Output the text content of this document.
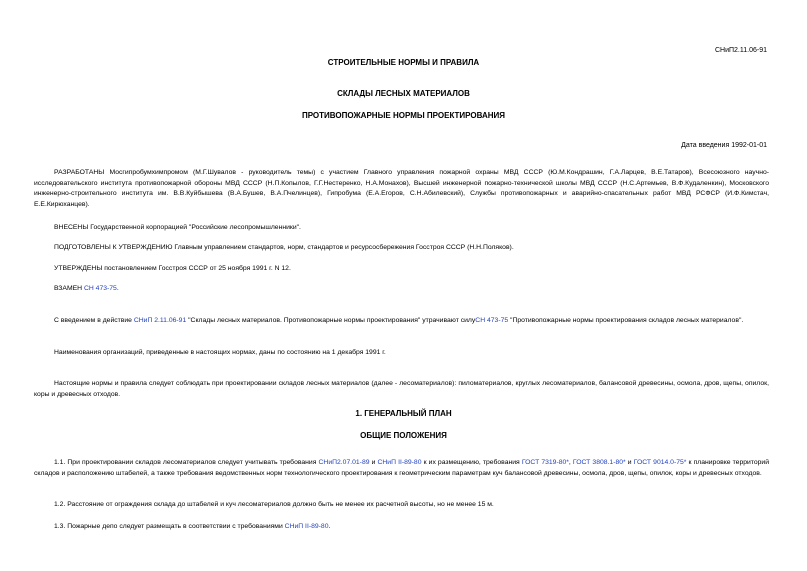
СНиП2.11.06-91
СТРОИТЕЛЬНЫЕ НОРМЫ И ПРАВИЛА
СКЛАДЫ ЛЕСНЫХ МАТЕРИАЛОВ
ПРОТИВОПОЖАРНЫЕ НОРМЫ ПРОЕКТИРОВАНИЯ
Дата введения 1992-01-01
РАЗРАБОТАНЫ Мосгипробумхимпромом (М.Г.Шувалов - руководитель темы) с участием Главного управления пожарной охраны МВД СССР (Ю.М.Кондрашин, Г.А.Ларцев, В.Е.Татаров), Всесоюзного научно-исследовательского института противопожарной обороны МВД СССР (Н.П.Копылов, Г.Г.Нестеренко, Н.А.Монахов), Высшей инженерной пожарно-технической школы МВД СССР (Н.С.Артемьев, В.Ф.Кудаленкин), Московского инженерно-строительного института им. В.В.Куйбышева (В.А.Бушев, В.А.Пчелинцев), Гипробума (Е.А.Егоров, С.Н.Абилевский), Службы противопожарных и аварийно-спасательных работ МВД РСФСР (И.Ф.Кимстач, Е.Е.Кирюханцев).
ВНЕСЕНЫ Государственной корпорацией "Российские лесопромышленники".
ПОДГОТОВЛЕНЫ К УТВЕРЖДЕНИЮ Главным управлением стандартов, норм, стандартов и ресурсосбережения Госстроя СССР (Н.Н.Поляков).
УТВЕРЖДЕНЫ постановлением Госстроя СССР от 25 ноября 1991 г. N 12.
ВЗАМЕН СН 473-75.
С введением в действие СНиП 2.11.06-91 "Склады лесных материалов. Противопожарные нормы проектирования" утрачивают силуСН 473-75 "Противопожарные нормы проектирования складов лесных материалов".
Наименования организаций, приведенные в настоящих нормах, даны по состоянию на 1 декабря 1991 г.
Настоящие нормы и правила следует соблюдать при проектировании складов лесных материалов (далее - лесоматериалов): пиломатериалов, круглых лесоматериалов, балансовой древесины, осмола, дров, щепы, опилок, коры и древесных отходов.
1. ГЕНЕРАЛЬНЫЙ ПЛАН
ОБЩИЕ ПОЛОЖЕНИЯ
1.1. При проектировании складов лесоматериалов следует учитывать требования СНиП2.07.01-89 и СНиП II-89-80 к их размещению, требования ГОСТ 7319-80*, ГОСТ 3808.1-80* и ГОСТ 9014.0-75* к планировке территорий складов и расположению штабелей, а также требования ведомственных норм технологического проектирования к геометрическим параметрам куч балансовой древесины, осмола, дров, щепы, опилок, коры и древесных отходов.
1.2. Расстояние от ограждения склада до штабелей и куч лесоматериалов должно быть не менее их расчетной высоты, но не менее 15 м.
1.3. Пожарные депо следует размещать в соответствии с требованиями СНиП II-89-80.
